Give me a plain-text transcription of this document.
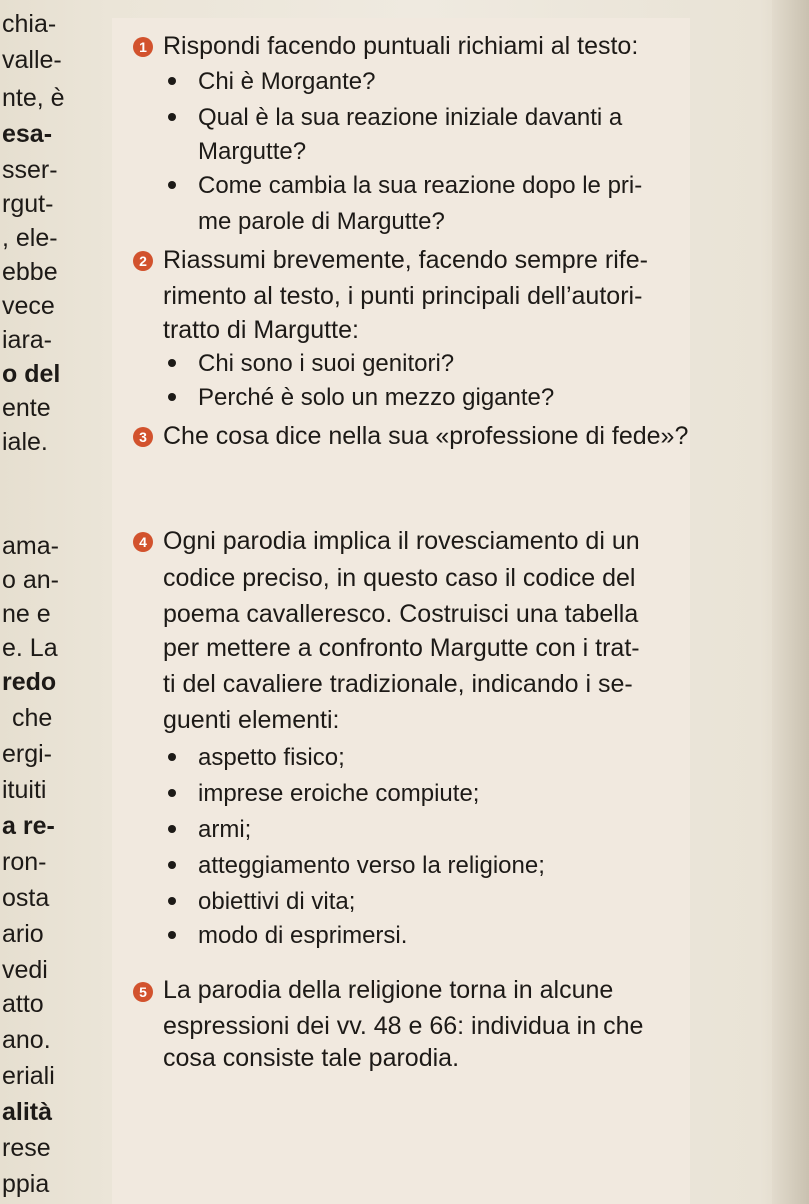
chia-

valle-

nte, è

esa-

sser-

rgut-

, ele-

ebbe

vece

iara-

o del

ente

iale.

ama-

o an-

ne e

e. La

redo

che

ergi-

ituiti

a re-

ron-

osta

ario

vedi

atto

ano.

eriali

alità

rese

ppia

1 Rispondi facendo puntuali richiami al testo:

Chi è Morgante?

Qual è la sua reazione iniziale davanti a

Margutte?

Come cambia la sua reazione dopo le pri-

me parole di Margutte?

2 Riassumi brevemente, facendo sempre rife-

rimento al testo, i punti principali dell’autori-

tratto di Margutte:

Chi sono i suoi genitori?

Perché è solo un mezzo gigante?

3 Che cosa dice nella sua «professione di fede»?

4 Ogni parodia implica il rovesciamento di un

codice preciso, in questo caso il codice del

poema cavalleresco. Costruisci una tabella

per mettere a confronto Margutte con i trat-

ti del cavaliere tradizionale, indicando i se-

guenti elementi:

aspetto fisico;

imprese eroiche compiute;

armi;

atteggiamento verso la religione;

obiettivi di vita;

modo di esprimersi.

5 La parodia della religione torna in alcune

espressioni dei vv. 48 e 66: individua in che

cosa consiste tale parodia.
